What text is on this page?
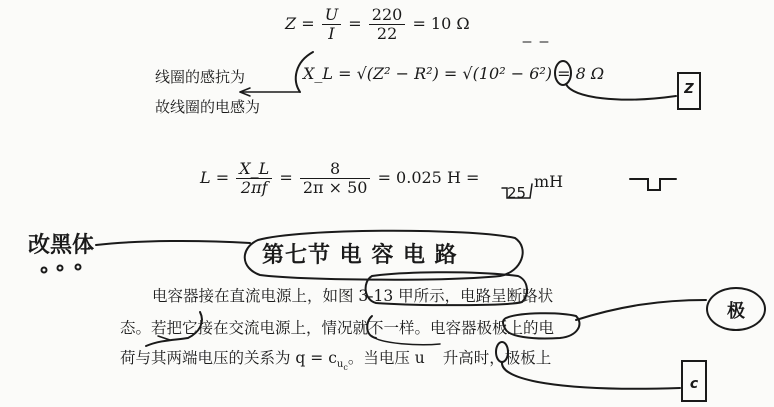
$Z = \frac{U}{I} = \frac{220}{22} = 10$ Ω
线圈的感抗为	X_L = √(Z² − R²) = √(10² − 6²) = 8 Ω
故线圈的电感为
$L = \frac{X\_L}{2\pi f} = \frac{8}{2\pi \times 50} = 0.025$ H =
25
mH
改黑体	第七节 电 容 电 路
电容器接在直流电源上，如图 3-13 甲所示，电路呈断路状
态。若把它接在交流电源上，情况就不一样。电容器极板上的电
荷与其两端电压的关系为 $q = c_{u_c}$。当电压 u 升高时，极板上
Z
c
极
